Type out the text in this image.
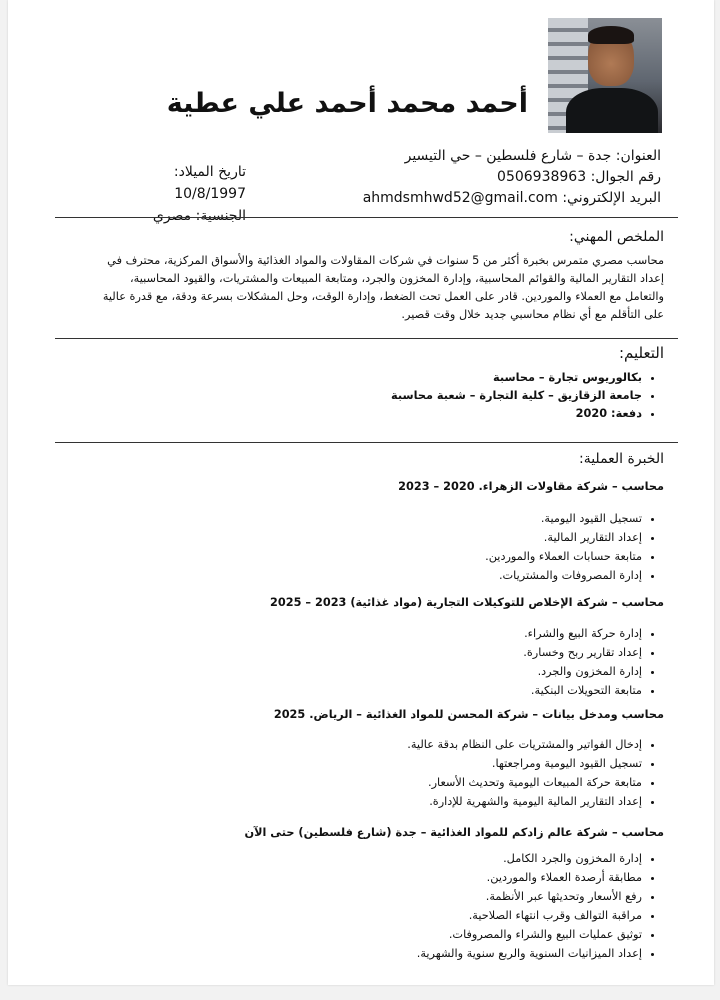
أحمد محمد أحمد علي عطية
العنوان: جدة – شارع فلسطين – حي التيسير
رقم الجوال: 0506938963
البريد الإلكتروني: ahmdsmhwd52@gmail.com
تاريخ الميلاد: 10/8/1997
الجنسية: مصري
الملخص المهني:
محاسب مصري متمرس بخبرة أكثر من 5 سنوات في شركات المقاولات والمواد الغذائية والأسواق المركزية، محترف في إعداد التقارير المالية والقوائم المحاسبية، وإدارة المخزون والجرد، ومتابعة المبيعات والمشتريات، والقيود المحاسبية، والتعامل مع العملاء والموردين. قادر على العمل تحت الضغط، وإدارة الوقت، وحل المشكلات بسرعة ودقة، مع قدرة عالية على التأقلم مع أي نظام محاسبي جديد خلال وقت قصير.
التعليم:
• بكالوريوس تجارة – محاسبة
• جامعة الزقازيق – كلية التجارة – شعبة محاسبة
• دفعة: 2020
الخبرة العملية:
محاسب – شركة مقاولات الزهراء. 2020 – 2023
• تسجيل القيود اليومية.
• إعداد التقارير المالية.
• متابعة حسابات العملاء والموردين.
• إدارة المصروفات والمشتريات.
محاسب – شركة الإخلاص للتوكيلات التجارية (مواد غذائية) 2023 – 2025
• إدارة حركة البيع والشراء.
• إعداد تقارير ربح وخسارة.
• إدارة المخزون والجرد.
• متابعة التحويلات البنكية.
محاسب ومدخل بيانات – شركة المحسن للمواد الغذائية – الرياض. 2025
• إدخال الفواتير والمشتريات على النظام بدقة عالية.
• تسجيل القيود اليومية ومراجعتها.
• متابعة حركة المبيعات اليومية وتحديث الأسعار.
• إعداد التقارير المالية اليومية والشهرية للإدارة.
محاسب – شركة عالم زادكم للمواد الغذائية – جدة (شارع فلسطين) حتى الآن
• إدارة المخزون والجرد الكامل.
• مطابقة أرصدة العملاء والموردين.
• رفع الأسعار وتحديثها عبر الأنظمة.
• مراقبة التوالف وقرب انتهاء الصلاحية.
• توثيق عمليات البيع والشراء والمصروفات.
• إعداد الميزانيات السنوية والربع سنوية والشهرية.
